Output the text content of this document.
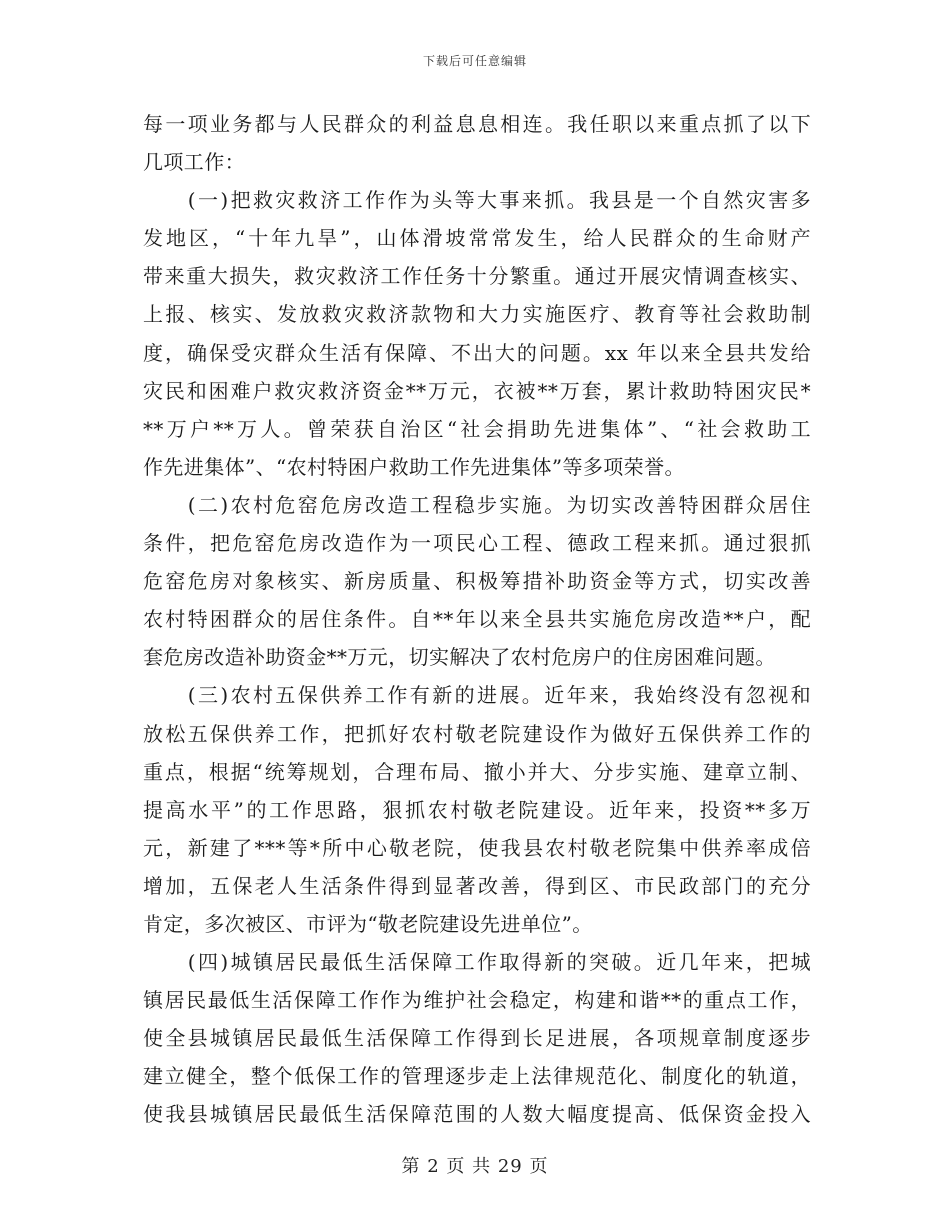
下载后可任意编辑
每一项业务都与人民群众的利益息息相连。我任职以来重点抓了以下
几项工作：
　　(一)把救灾救济工作作为头等大事来抓。我县是一个自然灾害多
发地区，“十年九旱”，山体滑坡常常发生，给人民群众的生命财产
带来重大损失，救灾救济工作任务十分繁重。通过开展灾情调查核实、
上报、核实、发放救灾救济款物和大力实施医疗、教育等社会救助制
度，确保受灾群众生活有保障、不出大的问题。xx 年以来全县共发给
灾民和困难户救灾救济资金**万元，衣被**万套，累计救助特困灾民*
**万户**万人。曾荣获自治区“社会捐助先进集体”、“社会救助工
作先进集体”、“农村特困户救助工作先进集体”等多项荣誉。
　　(二)农村危窑危房改造工程稳步实施。为切实改善特困群众居住
条件，把危窑危房改造作为一项民心工程、德政工程来抓。通过狠抓
危窑危房对象核实、新房质量、积极筹措补助资金等方式，切实改善
农村特困群众的居住条件。自**年以来全县共实施危房改造**户，配
套危房改造补助资金**万元，切实解决了农村危房户的住房困难问题。
　　(三)农村五保供养工作有新的进展。近年来，我始终没有忽视和
放松五保供养工作，把抓好农村敬老院建设作为做好五保供养工作的
重点，根据“统筹规划，合理布局、撤小并大、分步实施、建章立制、
提高水平”的工作思路，狠抓农村敬老院建设。近年来，投资**多万
元，新建了***等*所中心敬老院，使我县农村敬老院集中供养率成倍
增加，五保老人生活条件得到显著改善，得到区、市民政部门的充分
肯定，多次被区、市评为“敬老院建设先进单位”。
　　(四)城镇居民最低生活保障工作取得新的突破。近几年来，把城
镇居民最低生活保障工作作为维护社会稳定，构建和谐**的重点工作，
使全县城镇居民最低生活保障工作得到长足进展，各项规章制度逐步
建立健全，整个低保工作的管理逐步走上法律规范化、制度化的轨道，
使我县城镇居民最低生活保障范围的人数大幅度提高、低保资金投入
第 2 页 共 29 页
